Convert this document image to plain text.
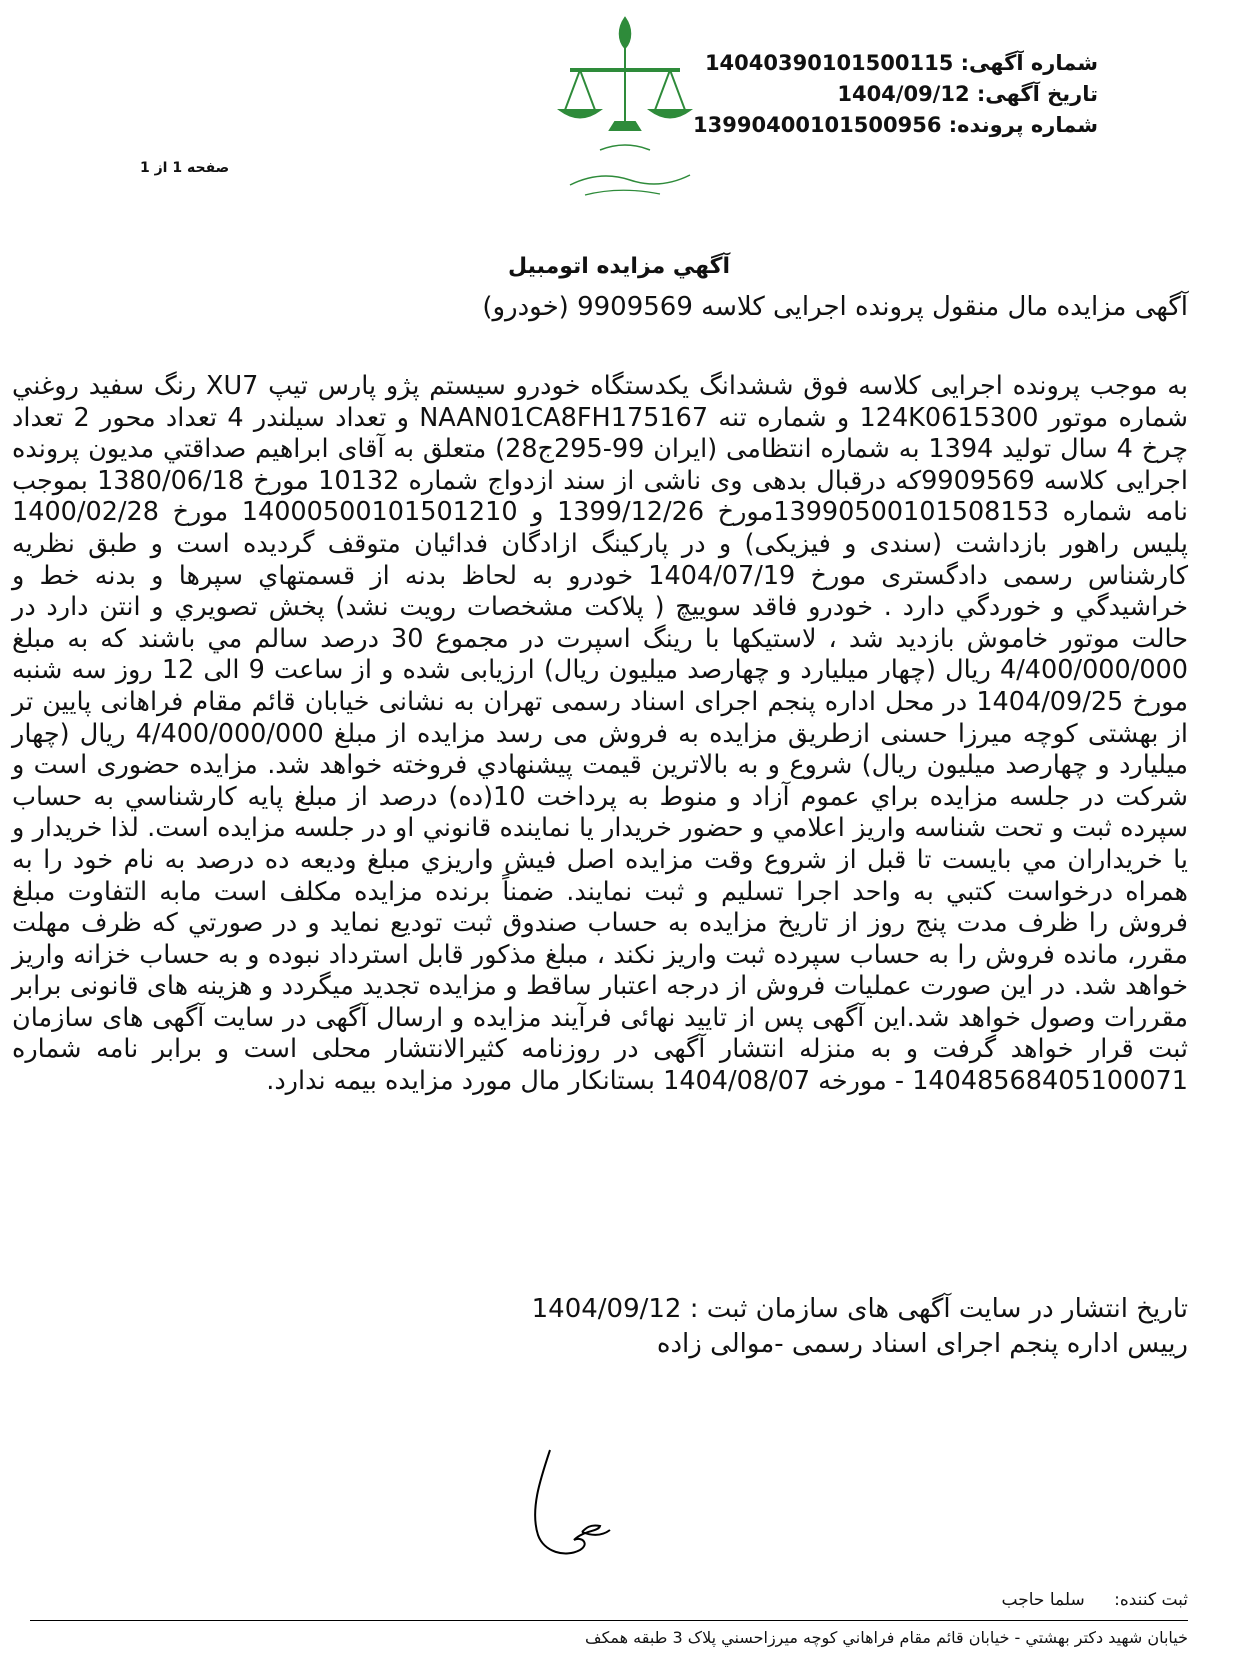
شماره آگهی: 14040390101500115
تاریخ آگهی: 1404/09/12
شماره پرونده: 13990400101500956
صفحه 1 از 1
آگهي مزايده اتومبيل
آگهی مزایده مال منقول پرونده اجرایی کلاسه 9909569 (خودرو)
به موجب پرونده اجرایی کلاسه فوق ششدانگ یکدستگاه خودرو سیستم پژو پارس تیپ XU7 رنگ سفید روغني شماره موتور 124K0615300 و شماره تنه NAAN01CA8FH175167 و تعداد سیلندر 4 تعداد محور 2 تعداد چرخ 4 سال تولید 1394 به شماره انتظامی (ایران 99-295ج28) متعلق به آقای ابراهیم صداقتي مدیون پرونده اجرایی کلاسه 9909569که درقبال بدهی وی ناشی از سند ازدواج شماره 10132 مورخ 1380/06/18 بموجب نامه شماره 13990500101508153مورخ 1399/12/26 و 14000500101501210 مورخ 1400/02/28 پلیس راهور بازداشت (سندی و فیزیکی) و در پارکینگ ازادگان فدائیان متوقف گردیده است و طبق نظریه کارشناس رسمی دادگستری مورخ 1404/07/19 خودرو به لحاظ بدنه از قسمتهاي سپرها و بدنه خط و خراشيدگي و خوردگي دارد . خودرو فاقد سوييچ ( پلاکت مشخصات رویت نشد) پخش تصويري و انتن دارد در حالت موتور خاموش بازدید شد ، لاستیکها با رینگ اسپرت در مجموع 30 درصد سالم مي باشند که به مبلغ 4/400/000/000 ریال (چهار میلیارد و چهارصد میلیون ریال) ارزیابی شده و از ساعت 9 الی 12 روز سه شنبه مورخ 1404/09/25 در محل اداره پنجم اجرای اسناد رسمی تهران به نشانی خیابان قائم مقام فراهانی پایین تر از بهشتی کوچه میرزا حسنی ازطریق مزایده به فروش می رسد مزایده از مبلغ 4/400/000/000 ریال (چهار میلیارد و چهارصد میلیون ریال) شروع و به بالاترين قيمت پيشنهادي فروخته خواهد شد. مزايده حضوری است و شركت در جلسه مزايده براي عموم آزاد و منوط به پرداخت 10(ده) درصد از مبلغ پايه كارشناسي به حساب سپرده ثبت و تحت شناسه واريز اعلامي و حضور خريدار يا نماينده قانوني او در جلسه مزايده است. لذا خريدار و يا خريداران مي بايست تا قبل از شروع وقت مزايده اصل فيش واريزي مبلغ وديعه ده درصد به نام خود را به همراه درخواست كتبي به واحد اجرا تسليم و ثبت نمايند. ضمناً برنده مزایده مکلف است مابه التفاوت مبلغ فروش را ظرف مدت پنج روز از تاريخ مزايده به حساب صندوق ثبت توديع نمايد و در صورتي كه ظرف مهلت مقرر، مانده فروش را به حساب سپرده ثبت واريز نكند ، مبلغ مذكور قابل استرداد نبوده و به حساب خزانه واريز خواهد شد. در این صورت عملیات فروش از درجه اعتبار ساقط و مزایده تجدید میگردد و هزینه های قانونی برابر مقررات وصول خواهد شد.این آگهی پس از تایید نهائی فرآیند مزایده و ارسال آگهی در سایت آگهی های سازمان ثبت قرار خواهد گرفت و به منزله انتشار آگهی در روزنامه کثیرالانتشار محلی است و برابر نامه شماره 14048568405100071 - مورخه 1404/08/07 بستانکار مال مورد مزایده بیمه ندارد.
تاریخ انتشار در سایت آگهی های سازمان ثبت : 1404/09/12
رییس اداره پنجم اجرای اسناد رسمی -موالی زاده
ثبت کننده: سلما حاجب
خيابان شهيد دکتر بهشتي - خيابان قائم مقام فراهاني کوچه ميرزاحسني پلاک 3 طبقه همکف
